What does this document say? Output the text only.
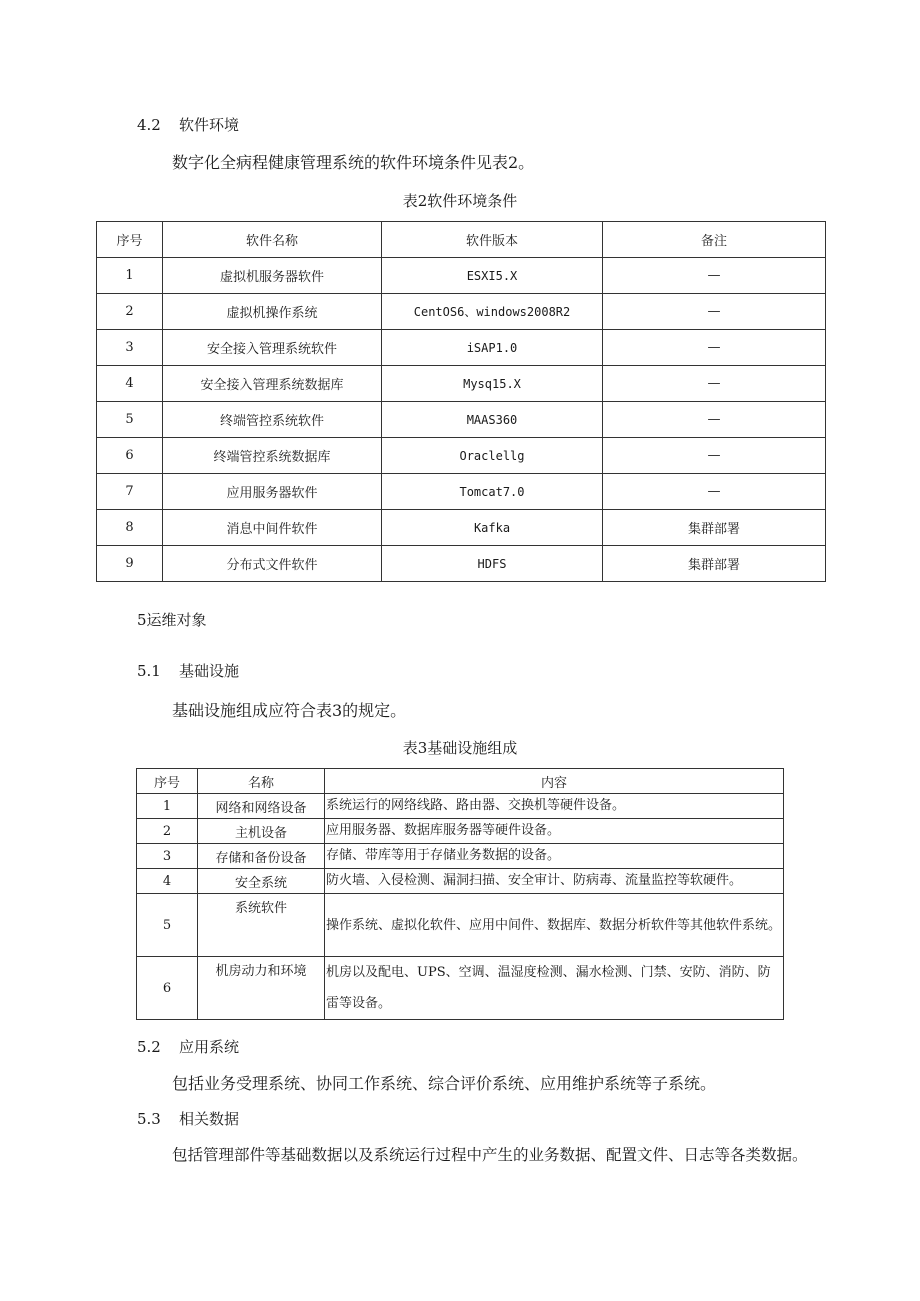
4.2 软件环境
数字化全病程健康管理系统的软件环境条件见表2。
表2软件环境条件
序号	软件名称	软件版本	备注
1	虚拟机服务器软件	ESXI5.X	—
2	虚拟机操作系统	CentOS6、windows2008R2	—
3	安全接入管理系统软件	iSAP1.0	—
4	安全接入管理系统数据库	Mysq15.X	—
5	终端管控系统软件	MAAS360	—
6	终端管控系统数据库	Oraclellg	—
7	应用服务器软件	Tomcat7.0	—
8	消息中间件软件	Kafka	集群部署
9	分布式文件软件	HDFS	集群部署
5运维对象
5.1 基础设施
基础设施组成应符合表3的规定。
表3基础设施组成
序号	名称	内容
1	网络和网络设备	系统运行的网络线路、路由器、交换机等硬件设备。
2	主机设备	应用服务器、数据库服务器等硬件设备。
3	存储和备份设备	存储、带库等用于存储业务数据的设备。
4	安全系统	防火墙、入侵检测、漏洞扫描、安全审计、防病毒、流量监控等软硬件。
5	系统软件	操作系统、虚拟化软件、应用中间件、数据库、数据分析软件等其他软件系统。
6	机房动力和环境	机房以及配电、UPS、空调、温湿度检测、漏水检测、门禁、安防、消防、防雷等设备。
5.2 应用系统
包括业务受理系统、协同工作系统、综合评价系统、应用维护系统等子系统。
5.3 相关数据
包括管理部件等基础数据以及系统运行过程中产生的业务数据、配置文件、日志等各类数据。
